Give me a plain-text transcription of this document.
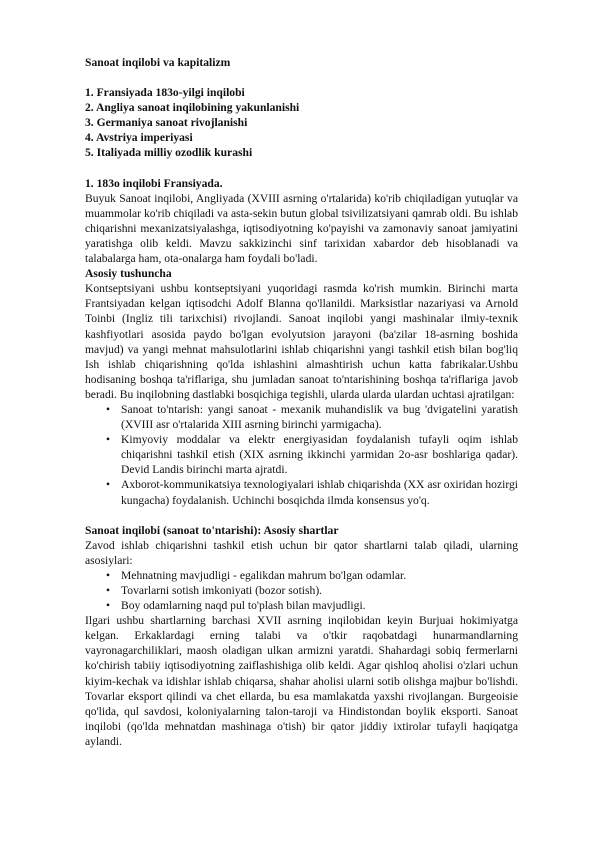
Sanoat inqilobi va kapitalizm

1. Fransiyada 183o-yilgi inqilobi

2. Angliya sanoat inqilobining yakunlanishi

3. Germaniya sanoat rivojlanishi

4. Avstriya imperiyasi

5. Italiyada milliy ozodlik kurashi

1. 183o inqilobi Fransiyada.

Buyuk Sanoat inqilobi, Angliyada (XVIII asrning o'rtalarida) ko'rib chiqiladigan yutuqlar va muammolar ko'rib chiqiladi va asta-sekin butun global tsivilizatsiyani qamrab oldi. Bu ishlab chiqarishni mexanizatsiyalashga, iqtisodiyotning ko'payishi va zamonaviy sanoat jamiyatini yaratishga olib keldi. Mavzu sakkizinchi sinf tarixidan xabardor deb hisoblanadi va talabalarga ham, ota-onalarga ham foydali bo'ladi.

Asosiy tushuncha

Kontseptsiyani ushbu kontseptsiyani yuqoridagi rasmda ko'rish mumkin. Birinchi marta Frantsiyadan kelgan iqtisodchi Adolf Blanna qo'llanildi. Marksistlar nazariyasi va Arnold Toinbi (Ingliz tili tarixchisi) rivojlandi. Sanoat inqilobi yangi mashinalar ilmiy-texnik kashfiyotlari asosida paydo bo'lgan evolyutsion jarayoni (ba'zilar 18-asrning boshida mavjud) va yangi mehnat mahsulotlarini ishlab chiqarishni yangi tashkil etish bilan bog'liq Ish ishlab chiqarishning qo'lda ishlashini almashtirish uchun katta fabrikalar.Ushbu hodisaning boshqa ta'riflariga, shu jumladan sanoat to'ntarishining boshqa ta'riflariga javob beradi. Bu inqilobning dastlabki bosqichiga tegishli, ularda ularda ulardan uchtasi ajratilgan:

• Sanoat to'ntarish: yangi sanoat - mexanik muhandislik va bug 'dvigatelini yaratish (XVIII asr o'rtalarida XIII asrning birinchi yarmigacha).
• Kimyoviy moddalar va elektr energiyasidan foydalanish tufayli oqim ishlab chiqarishni tashkil etish (XIX asrning ikkinchi yarmidan 2o-asr boshlariga qadar). Devid Landis birinchi marta ajratdi.
• Axborot-kommunikatsiya texnologiyalari ishlab chiqarishda (XX asr oxiridan hozirgi kungacha) foydalanish. Uchinchi bosqichda ilmda konsensus yo'q.

Sanoat inqilobi (sanoat to'ntarishi): Asosiy shartlar

Zavod ishlab chiqarishni tashkil etish uchun bir qator shartlarni talab qiladi, ularning asosiylari:

• Mehnatning mavjudligi - egalikdan mahrum bo'lgan odamlar.
• Tovarlarni sotish imkoniyati (bozor sotish).
• Boy odamlarning naqd pul to'plash bilan mavjudligi.

Ilgari ushbu shartlarning barchasi XVII asrning inqilobidan keyin Burjuai hokimiyatga kelgan. Erkaklardagi erning talabi va o'tkir raqobatdagi hunarmandlarning vayronagarchiliklari, maosh oladigan ulkan armizni yaratdi. Shahardagi sobiq fermerlarni ko'chirish tabiiy iqtisodiyotning zaiflashishiga olib keldi. Agar qishloq aholisi o'zlari uchun kiyim-kechak va idishlar ishlab chiqarsa, shahar aholisi ularni sotib olishga majbur bo'lishdi. Tovarlar eksport qilindi va chet ellarda, bu esa mamlakatda yaxshi rivojlangan. Burgeoisie qo'lida, qul savdosi, koloniyalarning talon-taroji va Hindistondan boylik eksporti. Sanoat inqilobi (qo'lda mehnatdan mashinaga o'tish) bir qator jiddiy ixtirolar tufayli haqiqatga aylandi.
